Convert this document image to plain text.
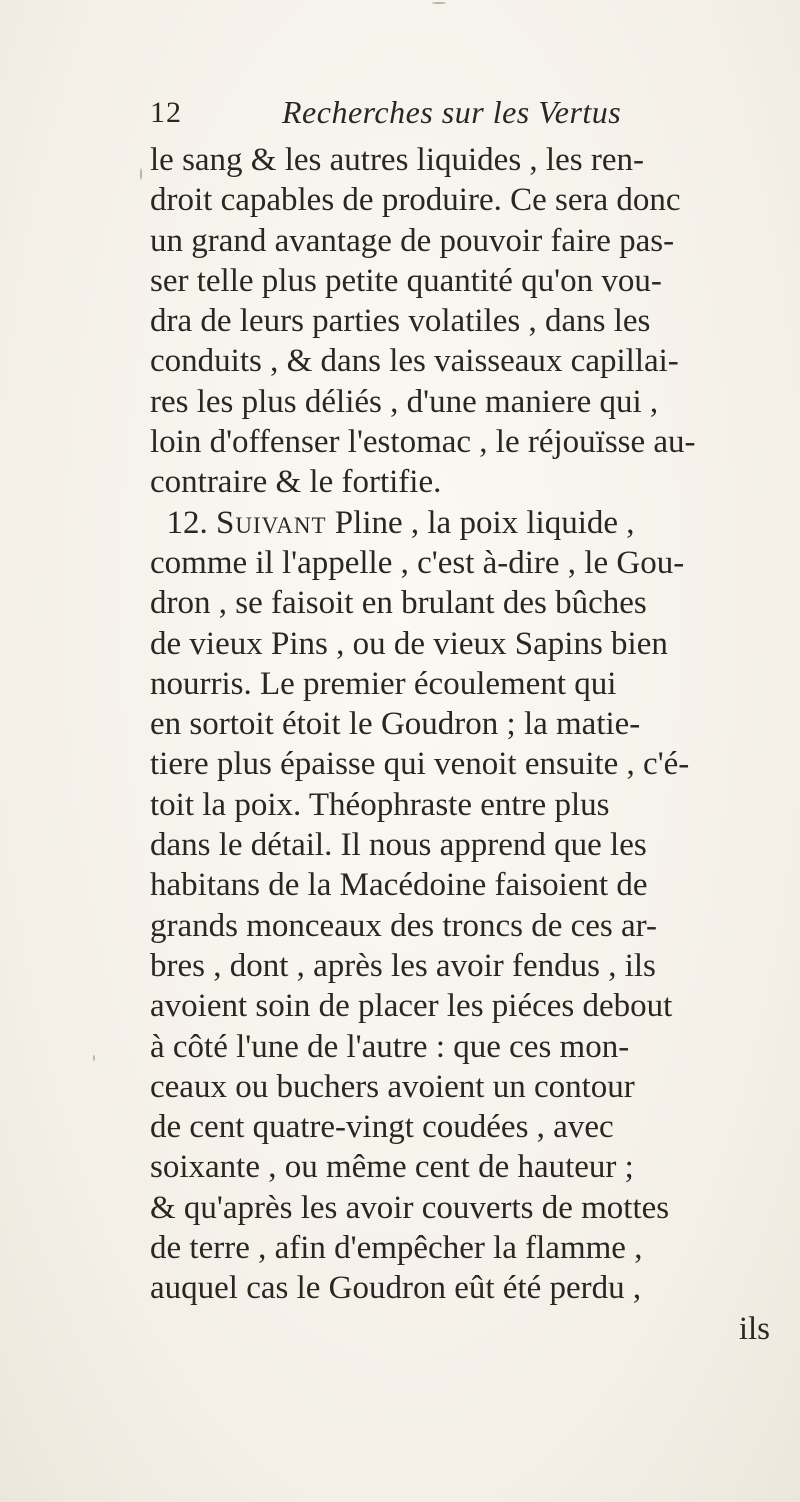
12	Recherches sur les Vertus
le sang & les autres liquides , les ren-
droit capables de produire. Ce sera donc
un grand avantage de pouvoir faire pas-
ser telle plus petite quantité qu'on vou-
dra de leurs parties volatiles , dans les
conduits , & dans les vaisseaux capillai-
res les plus déliés , d'une maniere qui ,
loin d'offenser l'estomac , le réjouïsse au-
contraire & le fortifie.
12. Suivant Pline , la poix liquide ,
comme il l'appelle , c'est à-dire , le Gou-
dron , se faisoit en brulant des bûches
de vieux Pins , ou de vieux Sapins bien
nourris. Le premier écoulement qui
en sortoit étoit le Goudron ; la matie-
tiere plus épaisse qui venoit ensuite , c'é-
toit la poix. Théophraste entre plus
dans le détail. Il nous apprend que les
habitans de la Macédoine faisoient de
grands monceaux des troncs de ces ar-
bres , dont , après les avoir fendus , ils
avoient soin de placer les piéces debout
à côté l'une de l'autre : que ces mon-
ceaux ou buchers avoient un contour
de cent quatre-vingt coudées , avec
soixante , ou même cent de hauteur ;
& qu'après les avoir couverts de mottes
de terre , afin d'empêcher la flamme ,
auquel cas le Goudron eût été perdu ,
ils
